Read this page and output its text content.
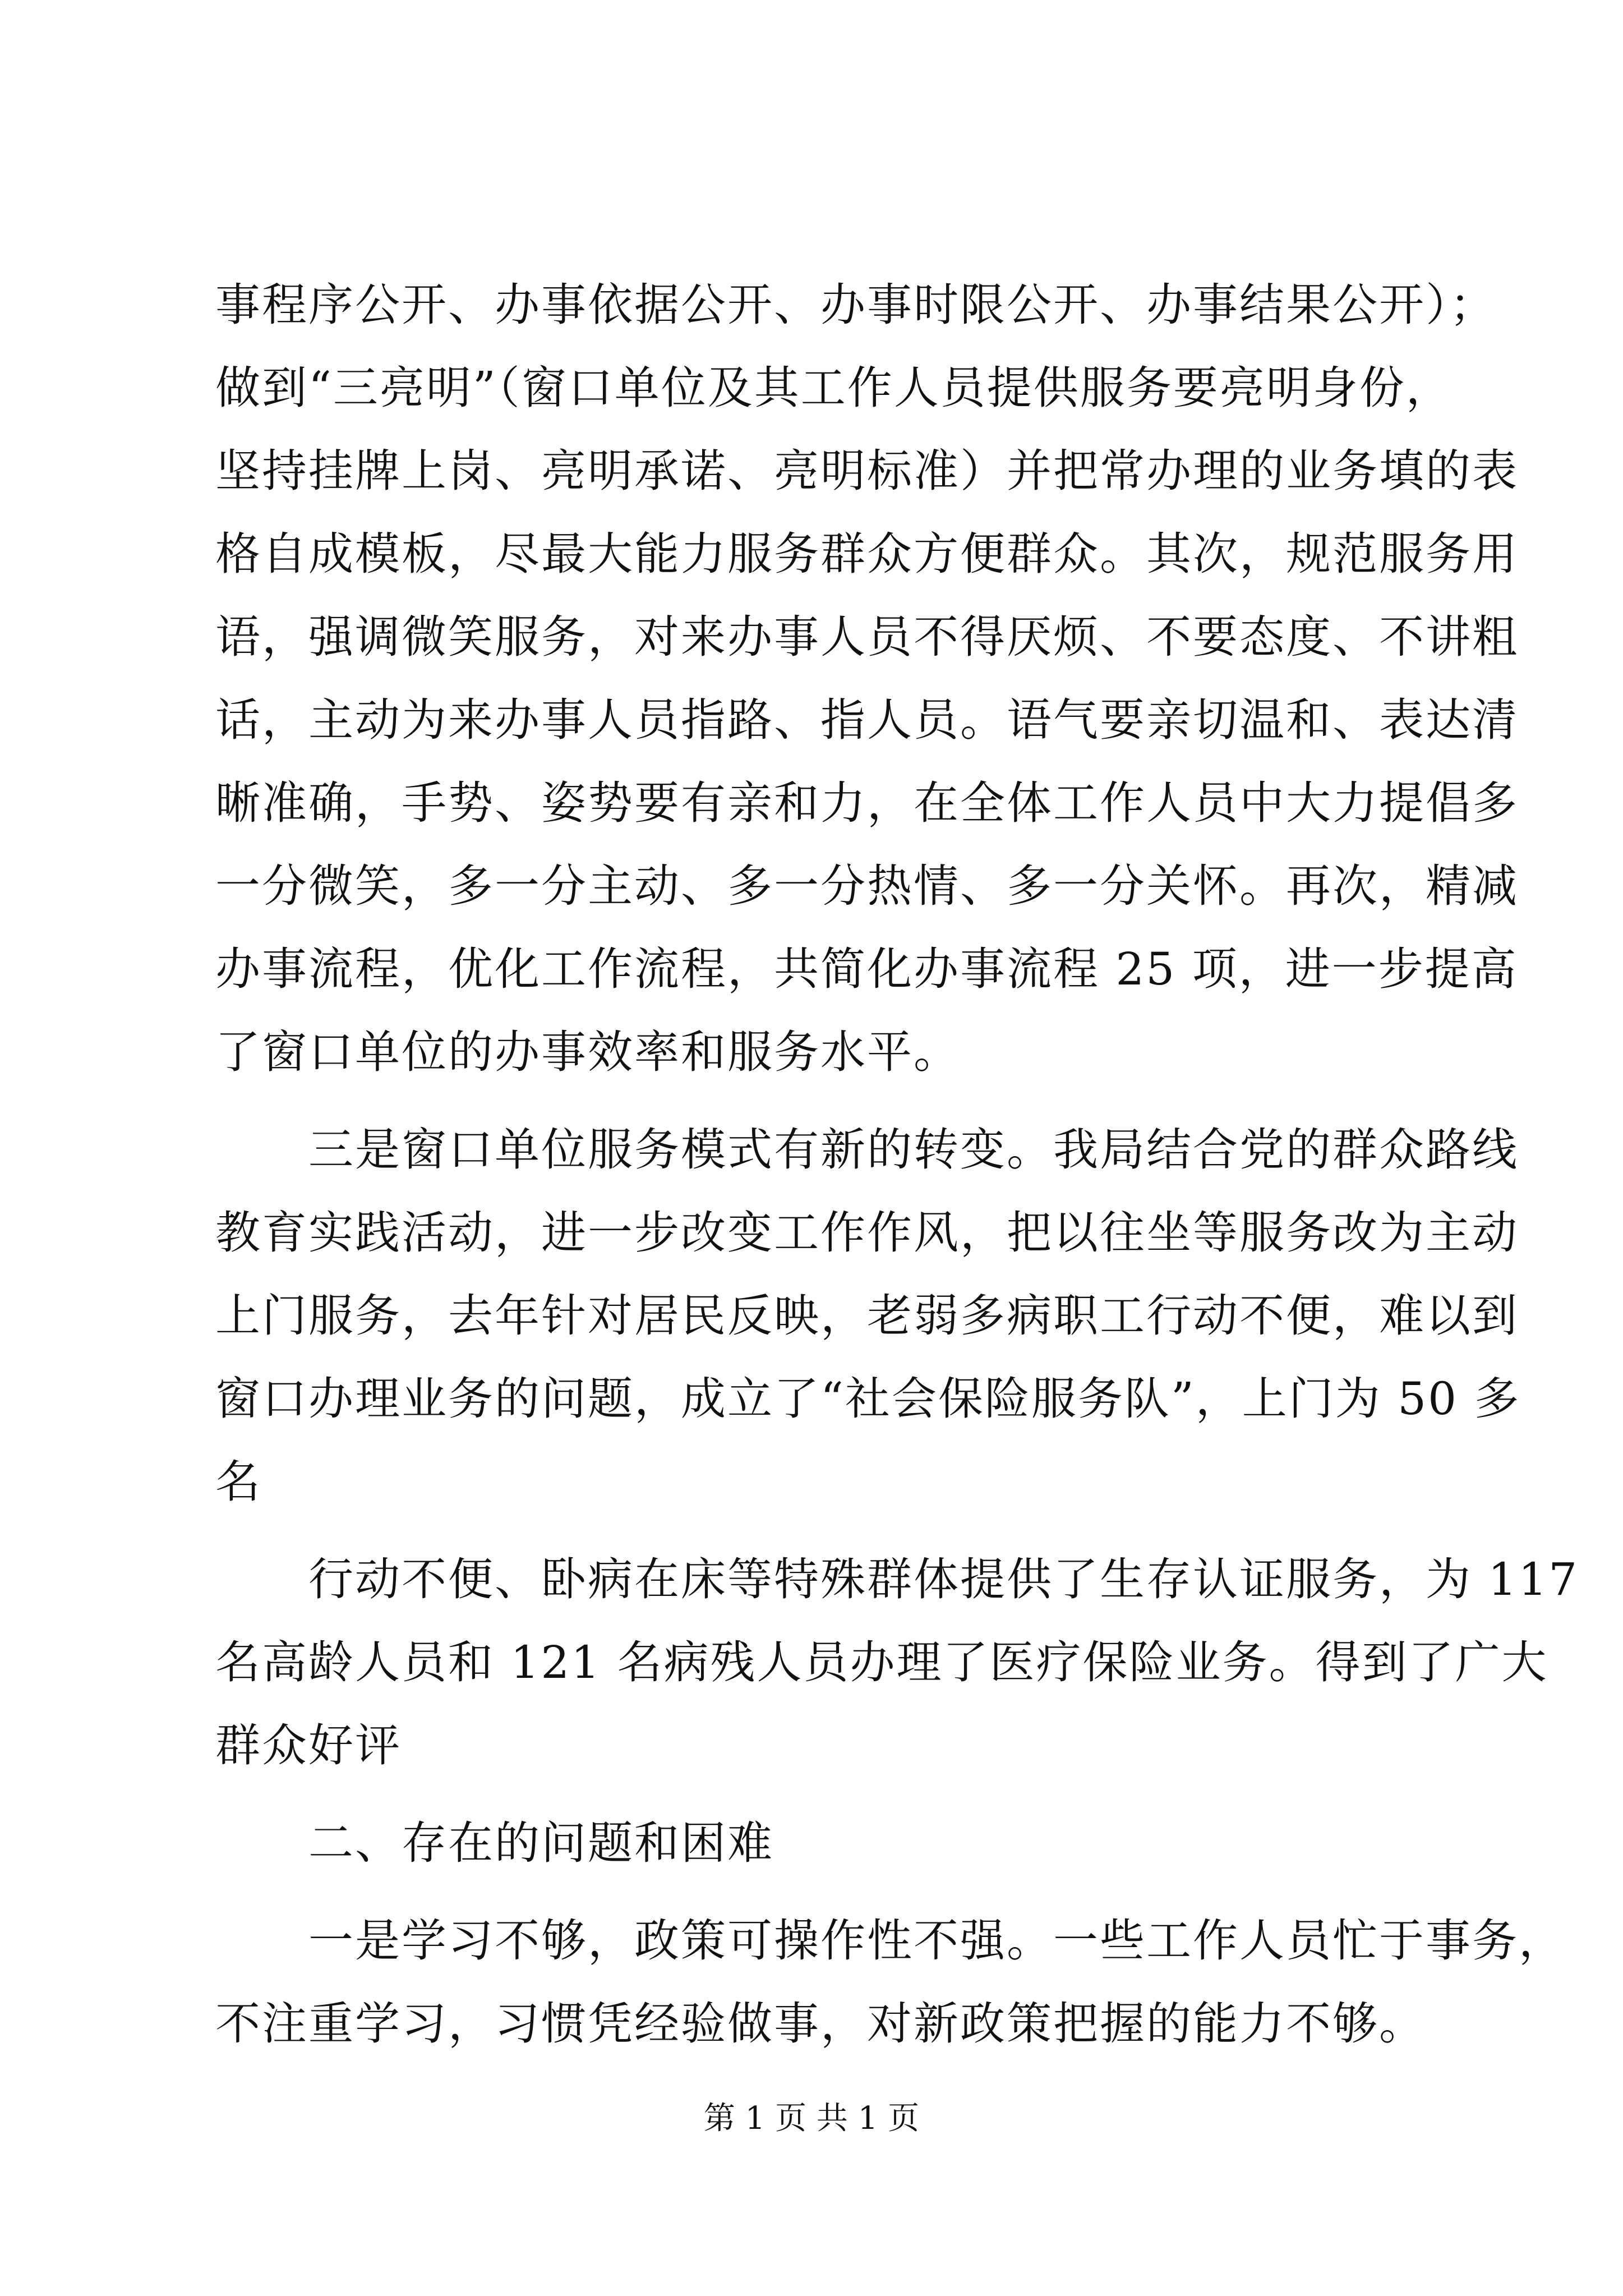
事程序公开、办事依据公开、办事时限公开、办事结果公开）；
做到“三亮明”（窗口单位及其工作人员提供服务要亮明身份，
坚持挂牌上岗、亮明承诺、亮明标准）并把常办理的业务填的表
格自成模板，尽最大能力服务群众方便群众。其次，规范服务用
语，强调微笑服务，对来办事人员不得厌烦、不要态度、不讲粗
话，主动为来办事人员指路、指人员。语气要亲切温和、表达清
晰准确，手势、姿势要有亲和力，在全体工作人员中大力提倡多
一分微笑，多一分主动、多一分热情、多一分关怀。再次，精减
办事流程，优化工作流程，共简化办事流程 25 项，进一步提高
了窗口单位的办事效率和服务水平。
三是窗口单位服务模式有新的转变。我局结合党的群众路线
教育实践活动，进一步改变工作作风，把以往坐等服务改为主动
上门服务，去年针对居民反映，老弱多病职工行动不便，难以到
窗口办理业务的问题，成立了“社会保险服务队”，上门为 50 多
名
行动不便、卧病在床等特殊群体提供了生存认证服务，为 117
名高龄人员和 121 名病残人员办理了医疗保险业务。得到了广大
群众好评
二、存在的问题和困难
一是学习不够，政策可操作性不强。一些工作人员忙于事务，
不注重学习，习惯凭经验做事，对新政策把握的能力不够。
第 1 页 共 1 页
